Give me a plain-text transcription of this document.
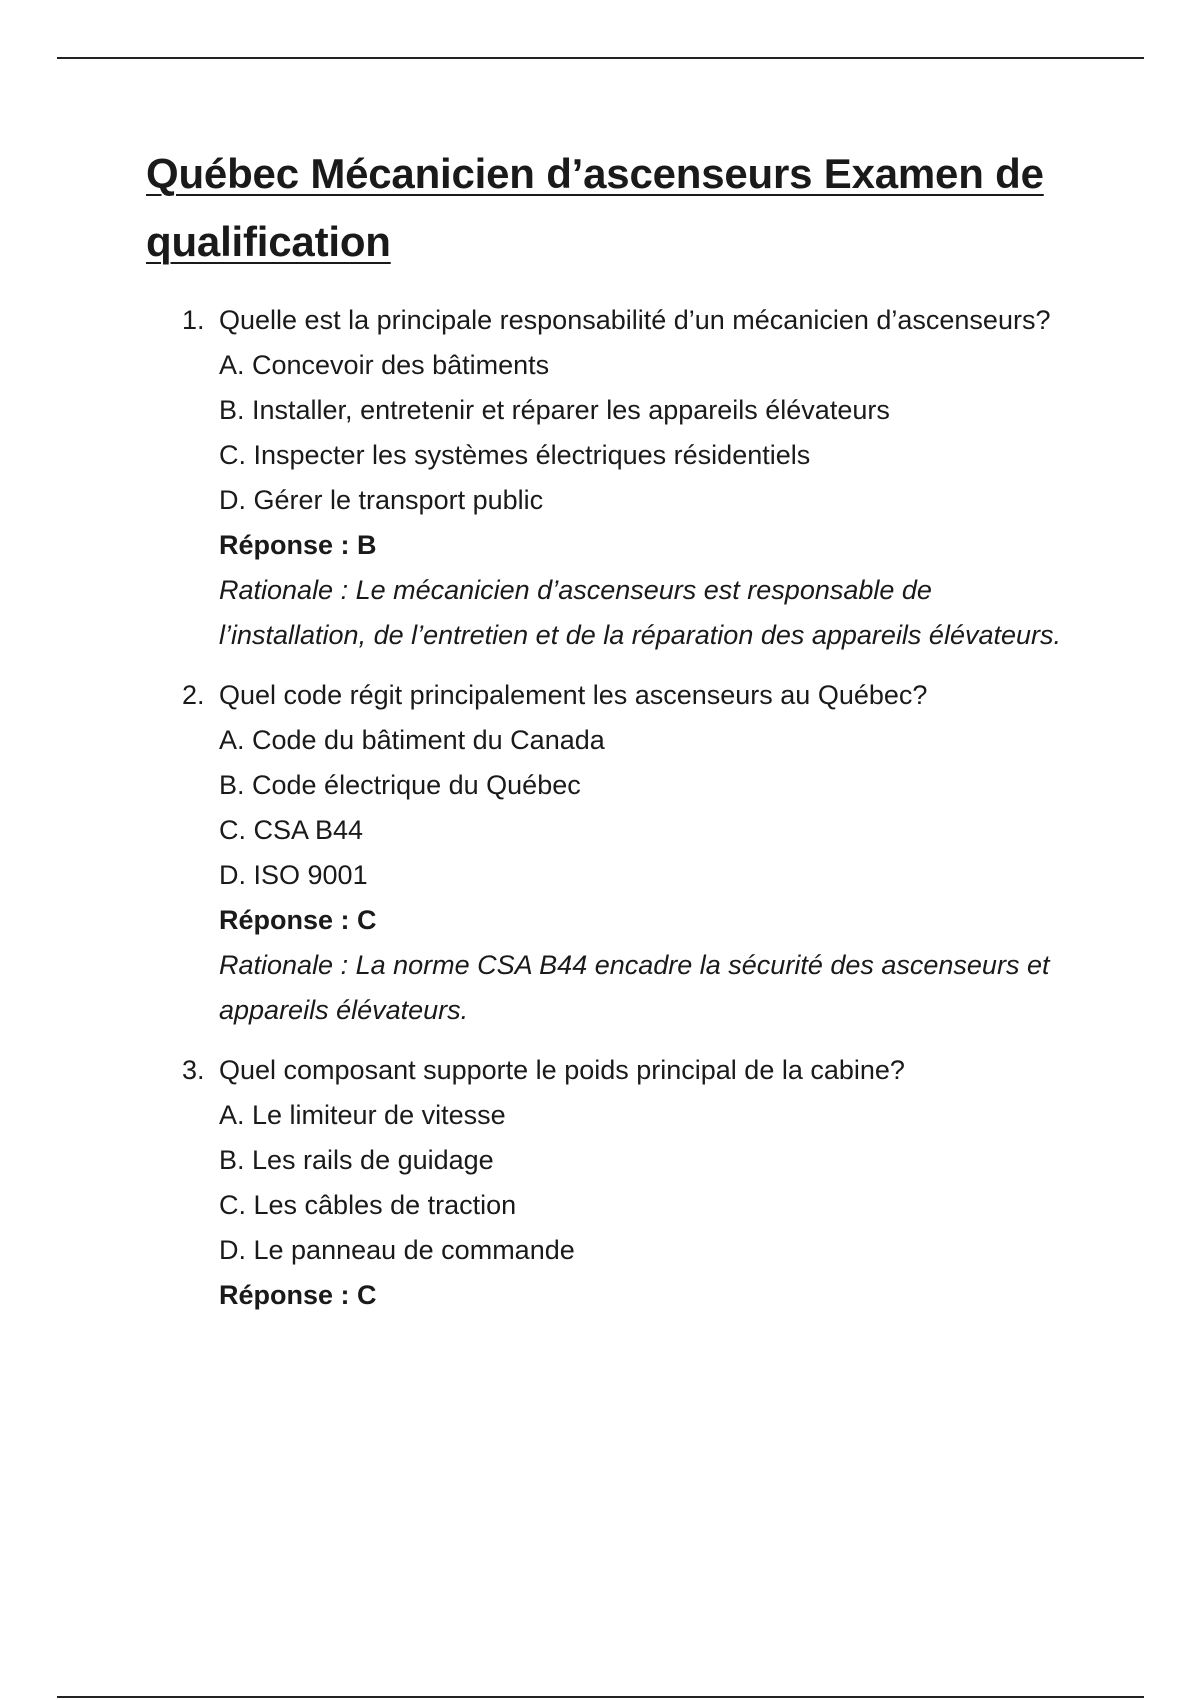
Québec Mécanicien d’ascenseurs Examen de qualification
1. Quelle est la principale responsabilité d’un mécanicien d’ascenseurs?
A. Concevoir des bâtiments
B. Installer, entretenir et réparer les appareils élévateurs
C. Inspecter les systèmes électriques résidentiels
D. Gérer le transport public
Réponse : B
Rationale : Le mécanicien d’ascenseurs est responsable de l’installation, de l’entretien et de la réparation des appareils élévateurs.
2. Quel code régit principalement les ascenseurs au Québec?
A. Code du bâtiment du Canada
B. Code électrique du Québec
C. CSA B44
D. ISO 9001
Réponse : C
Rationale : La norme CSA B44 encadre la sécurité des ascenseurs et appareils élévateurs.
3. Quel composant supporte le poids principal de la cabine?
A. Le limiteur de vitesse
B. Les rails de guidage
C. Les câbles de traction
D. Le panneau de commande
Réponse : C
